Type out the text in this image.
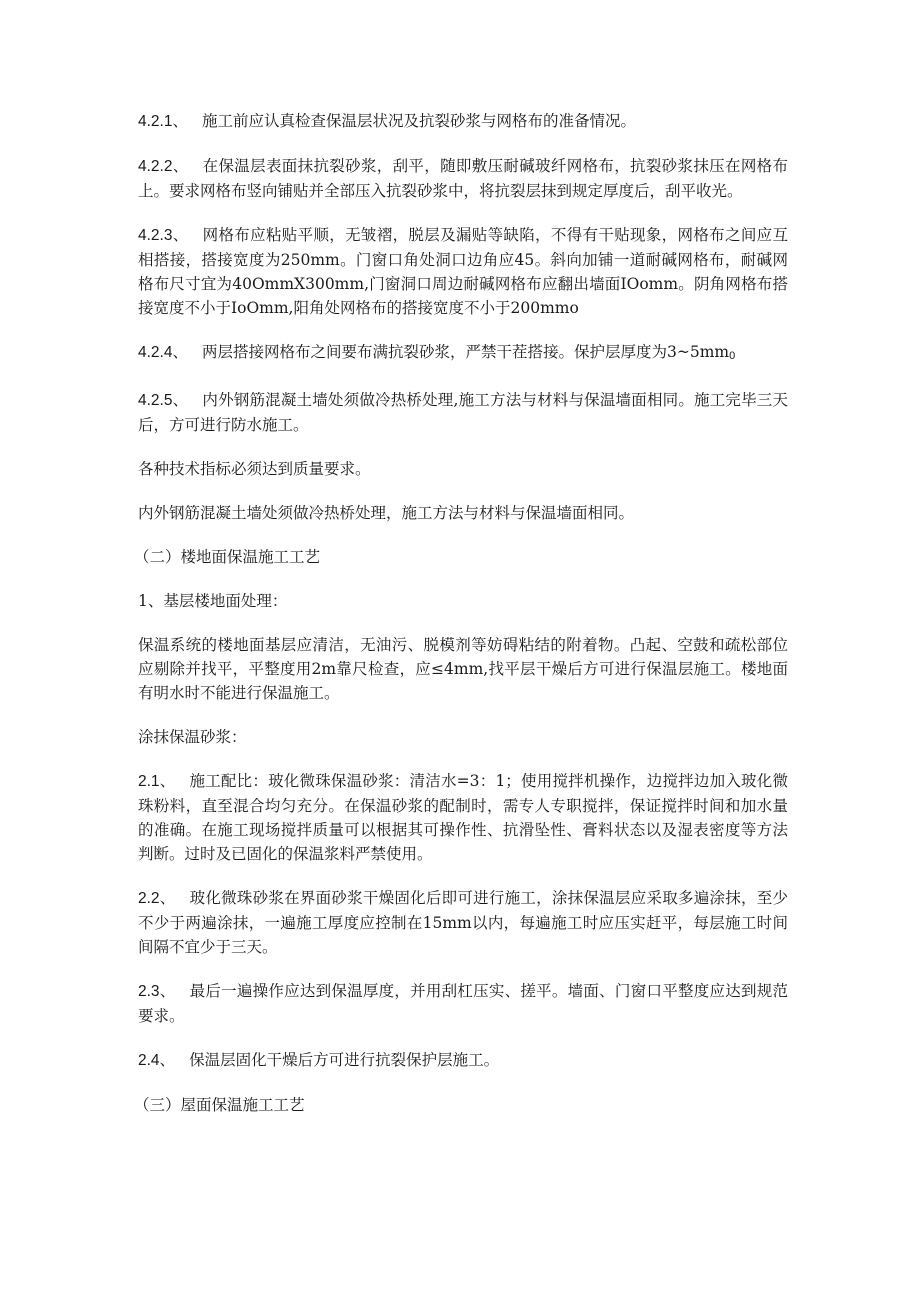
4.2.1、 施工前应认真检查保温层状况及抗裂砂浆与网格布的准备情况。

4.2.2、 在保温层表面抹抗裂砂浆，刮平，随即敷压耐碱玻纤网格布，抗裂砂浆抹压在网格布上。要求网格布竖向铺贴并全部压入抗裂砂浆中，将抗裂层抹到规定厚度后，刮平收光。

4.2.3、 网格布应粘贴平顺，无皱褶，脱层及漏贴等缺陷，不得有干贴现象，网格布之间应互相搭接，搭接宽度为250mm。门窗口角处洞口边角应45。斜向加铺一道耐碱网格布，耐碱网格布尺寸宜为40OmmX300mm,门窗洞口周边耐碱网格布应翻出墙面IOomm。阴角网格布搭接宽度不小于IoOmm,阳角处网格布的搭接宽度不小于200mmo

4.2.4、 两层搭接网格布之间要布满抗裂砂浆，严禁干茬搭接。保护层厚度为3~5mm0

4.2.5、 内外钢筋混凝土墙处须做冷热桥处理,施工方法与材料与保温墙面相同。施工完毕三天后，方可进行防水施工。

各种技术指标必须达到质量要求。

内外钢筋混凝土墙处须做冷热桥处理，施工方法与材料与保温墙面相同。

（二）楼地面保温施工工艺

1、基层楼地面处理：

保温系统的楼地面基层应清洁，无油污、脱模剂等妨碍粘结的附着物。凸起、空鼓和疏松部位应剔除并找平，平整度用2m靠尺检查，应≤4mm,找平层干燥后方可进行保温层施工。楼地面有明水时不能进行保温施工。

涂抹保温砂浆：

2.1、 施工配比：玻化微珠保温砂浆：清洁水=3：1；使用搅拌机操作，边搅拌边加入玻化微珠粉料，直至混合均匀充分。在保温砂浆的配制时，需专人专职搅拌，保证搅拌时间和加水量的准确。在施工现场搅拌质量可以根据其可操作性、抗滑坠性、膏料状态以及湿表密度等方法判断。过时及已固化的保温浆料严禁使用。

2.2、 玻化微珠砂浆在界面砂浆干燥固化后即可进行施工，涂抹保温层应采取多遍涂抹，至少不少于两遍涂抹，一遍施工厚度应控制在15mm以内，每遍施工时应压实赶平，每层施工时间间隔不宜少于三天。

2.3、 最后一遍操作应达到保温厚度，并用刮杠压实、搓平。墙面、门窗口平整度应达到规范要求。

2.4、 保温层固化干燥后方可进行抗裂保护层施工。

（三）屋面保温施工工艺
